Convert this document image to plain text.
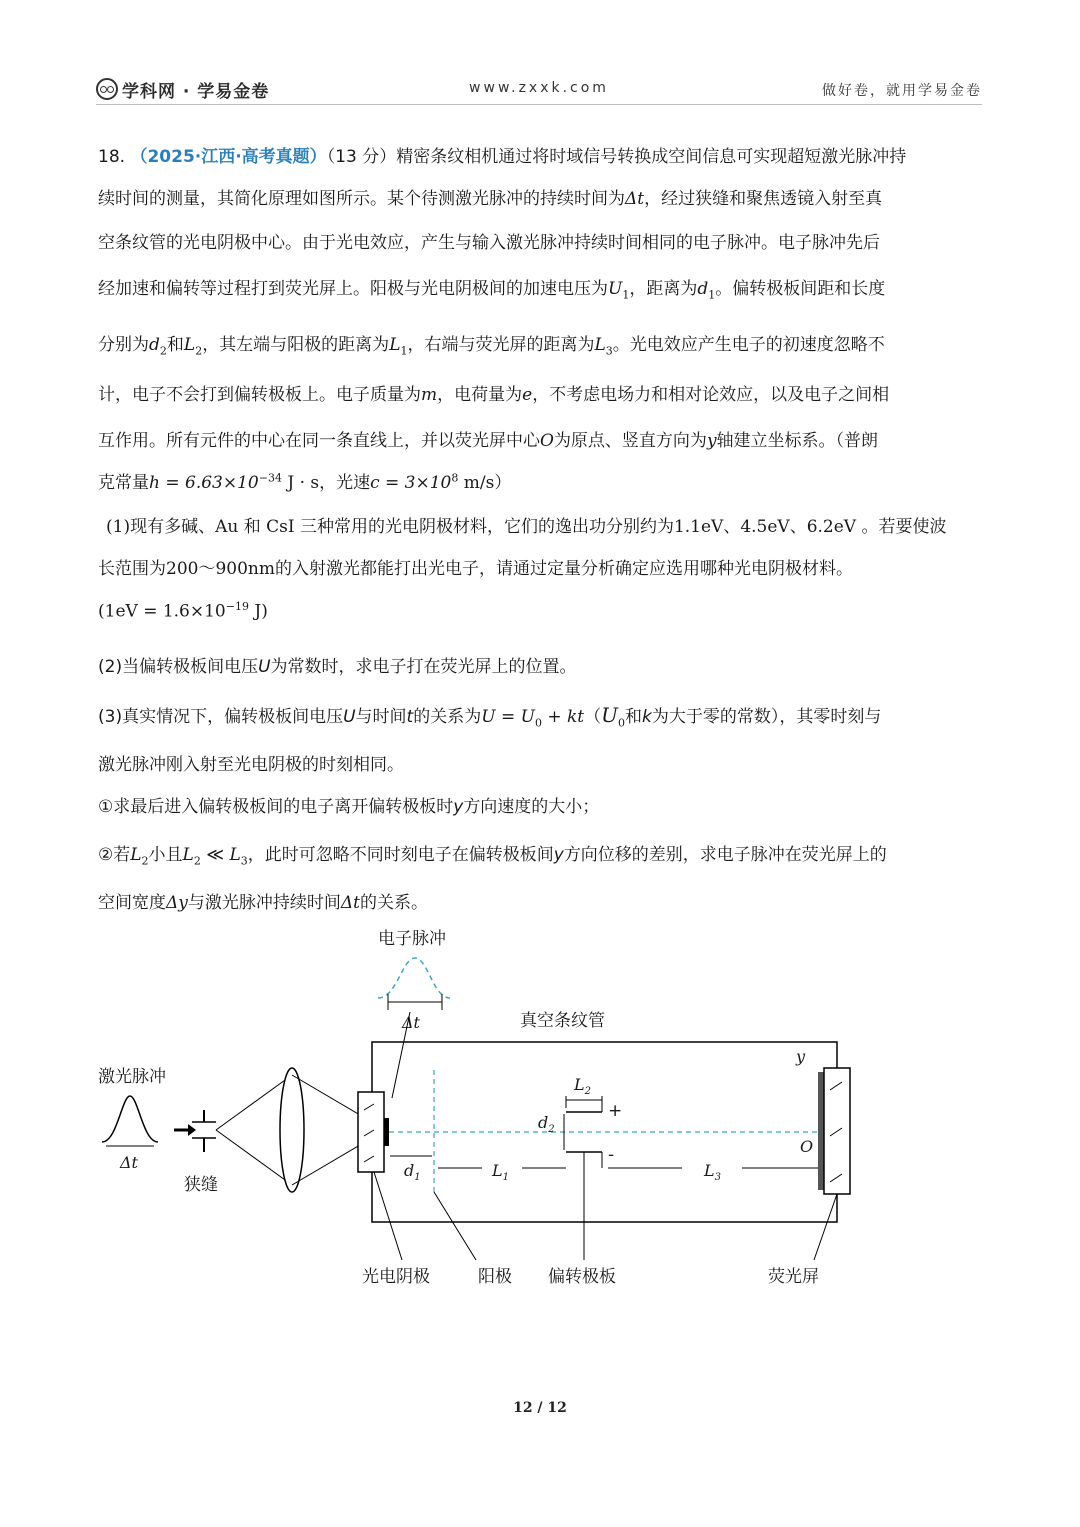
学科网 · 学易金卷	www.zxxk.com	做好卷，就用学易金卷
18. （2025·江西·高考真题）（13 分）精密条纹相机通过将时域信号转换成空间信息可实现超短激光脉冲持
续时间的测量，其简化原理如图所示。某个待测激光脉冲的持续时间为Δt，经过狭缝和聚焦透镜入射至真
空条纹管的光电阴极中心。由于光电效应，产生与输入激光脉冲持续时间相同的电子脉冲。电子脉冲先后
经加速和偏转等过程打到荧光屏上。阳极与光电阴极间的加速电压为$U_1$，距离为$d_1$。偏转极板间距和长度
分别为$d_2$和$L_2$，其左端与阳极的距离为$L_1$，右端与荧光屏的距离为$L_3$。光电效应产生电子的初速度忽略不
计，电子不会打到偏转极板上。电子质量为m，电荷量为e，不考虑电场力和相对论效应，以及电子之间相
互作用。所有元件的中心在同一条直线上，并以荧光屏中心O为原点、竖直方向为y轴建立坐标系。（普朗
克常量$h = 6.63\times 10^{-34}$ J · s，光速$c = 3\times 10^8$ m/s）
(1)现有多碱、Au 和 CsI 三种常用的光电阴极材料，它们的逸出功分别约为1.1eV、4.5eV、6.2eV 。若要使波
长范围为200～900nm的入射激光都能打出光电子，请通过定量分析确定应选用哪种光电阴极材料。
($1eV = 1.6\times 10^{-19}$ J)
(2)当偏转极板间电压U为常数时，求电子打在荧光屏上的位置。
(3)真实情况下，偏转极板间电压U与时间t的关系为$U = U_0 + kt(U_0$和k为大于零的常数），其零时刻与
激光脉冲刚入射至光电阴极的时刻相同。
①求最后进入偏转极板间的电子离开偏转极板时y方向速度的大小；
②若$L_2$小且$L_2$ ≪ $L_3$，此时可忽略不同时刻电子在偏转极板间y方向位移的差别，求电子脉冲在荧光屏上的
空间宽度Δy与激光脉冲持续时间Δt的关系。
电子脉冲
Δt	真空条纹管
激光脉冲
Δt
狭缝
$d_1$	$L_1$
$L_2$
+
-
$d_2$
$L_3$
y
O
光电阴极	阳极 偏转极板	荧光屏
12 / 12
